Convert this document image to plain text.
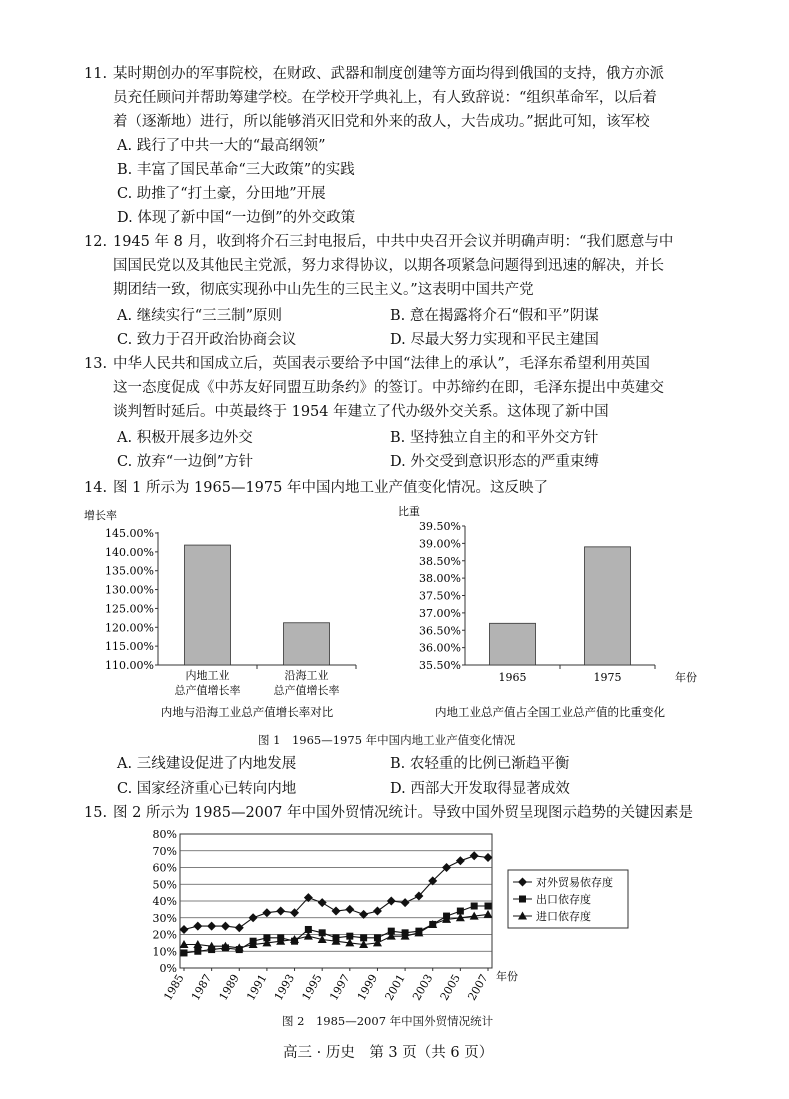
11. 某时期创办的军事院校，在财政、武器和制度创建等方面均得到俄国的支持，俄方亦派
员充任顾问并帮助筹建学校。在学校开学典礼上，有人致辞说：“组织革命军，以后着
着（逐渐地）进行，所以能够消灭旧党和外来的敌人，大告成功。”据此可知，该军校
A. 践行了中共一大的“最高纲领”
B. 丰富了国民革命“三大政策”的实践
C. 助推了“打土豪，分田地”开展
D. 体现了新中国“一边倒”的外交政策
12. 1945 年 8 月，收到将介石三封电报后，中共中央召开会议并明确声明：“我们愿意与中
国国民党以及其他民主党派，努力求得协议，以期各项紧急问题得到迅速的解决，并长
期团结一致，彻底实现孙中山先生的三民主义。”这表明中国共产党
A. 继续实行“三三制”原则	B. 意在揭露将介石“假和平”阴谋
C. 致力于召开政治协商会议	D. 尽最大努力实现和平民主建国
13. 中华人民共和国成立后，英国表示要给予中国“法律上的承认”，毛泽东希望利用英国
这一态度促成《中苏友好同盟互助条约》的签订。中苏缔约在即，毛泽东提出中英建交
谈判暂时延后。中英最终于 1954 年建立了代办级外交关系。这体现了新中国
A. 积极开展多边外交	B. 坚持独立自主的和平外交方针
C. 放弃“一边倒”方针	D. 外交受到意识形态的严重束缚
14. 图 1 所示为 1965—1975 年中国内地工业产值变化情况。这反映了
增长率
145.00%
140.00%
135.00%
130.00%
125.00%
120.00%
115.00%
110.00%
内地工业
总产值增长率
沿海工业
总产值增长率
内地与沿海工业总产值增长率对比
比重
39.50%
39.00%
38.50%
38.00%
37.50%
37.00%
36.50%
36.00%
35.50%
1965	1975	年份
内地工业总产值占全国工业总产值的比重变化
图 1　1965—1975 年中国内地工业产值变化情况
A. 三线建设促进了内地发展	B. 农轻重的比例已渐趋平衡
C. 国家经济重心已转向内地	D. 西部大开发取得显著成效
15. 图 2 所示为 1985—2007 年中国外贸情况统计。导致中国外贸呈现图示趋势的关键因素是
80%
70%
60%
50%
40%
30%
20%
10%
0%
1985 1987 1989 1991 1993 1995 1997 1999 2001 2003 2005 2007 年份
对外贸易依存度
出口依存度
进口依存度
图 2　1985—2007 年中国外贸情况统计
高三 · 历史　第 3 页（共 6 页）
